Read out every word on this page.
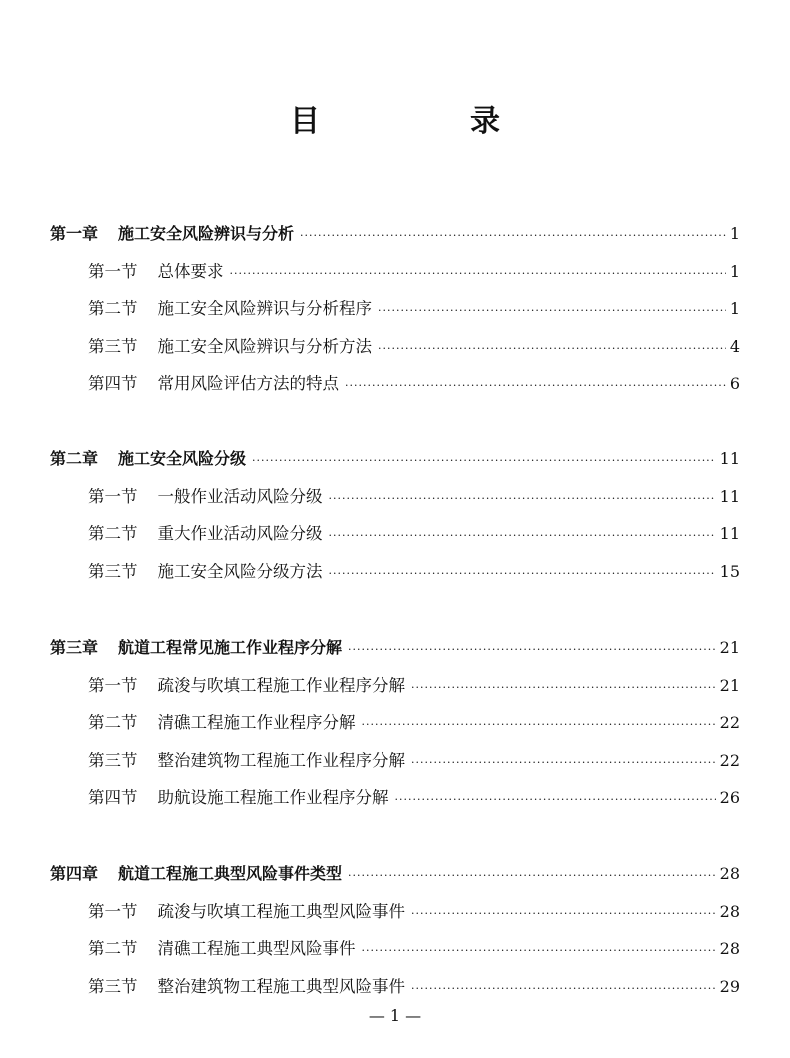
目　录
第一章 施工安全风险辨识与分析 ·····	1
第一节 总体要求 ·····	1
第二节 施工安全风险辨识与分析程序 ·····	1
第三节 施工安全风险辨识与分析方法 ·····	4
第四节 常用风险评估方法的特点 ·····	6
第二章 施工安全风险分级 ·····	11
第一节 一般作业活动风险分级 ·····	11
第二节 重大作业活动风险分级 ·····	11
第三节 施工安全风险分级方法 ·····	15
第三章 航道工程常见施工作业程序分解 ·····	21
第一节 疏浚与吹填工程施工作业程序分解 ·····	21
第二节 清礁工程施工作业程序分解 ·····	22
第三节 整治建筑物工程施工作业程序分解 ·····	22
第四节 助航设施工程施工作业程序分解 ·····	26
第四章 航道工程施工典型风险事件类型 ·····	28
第一节 疏浚与吹填工程施工典型风险事件 ·····	28
第二节 清礁工程施工典型风险事件 ·····	28
第三节 整治建筑物工程施工典型风险事件 ·····	29
— 1 —
